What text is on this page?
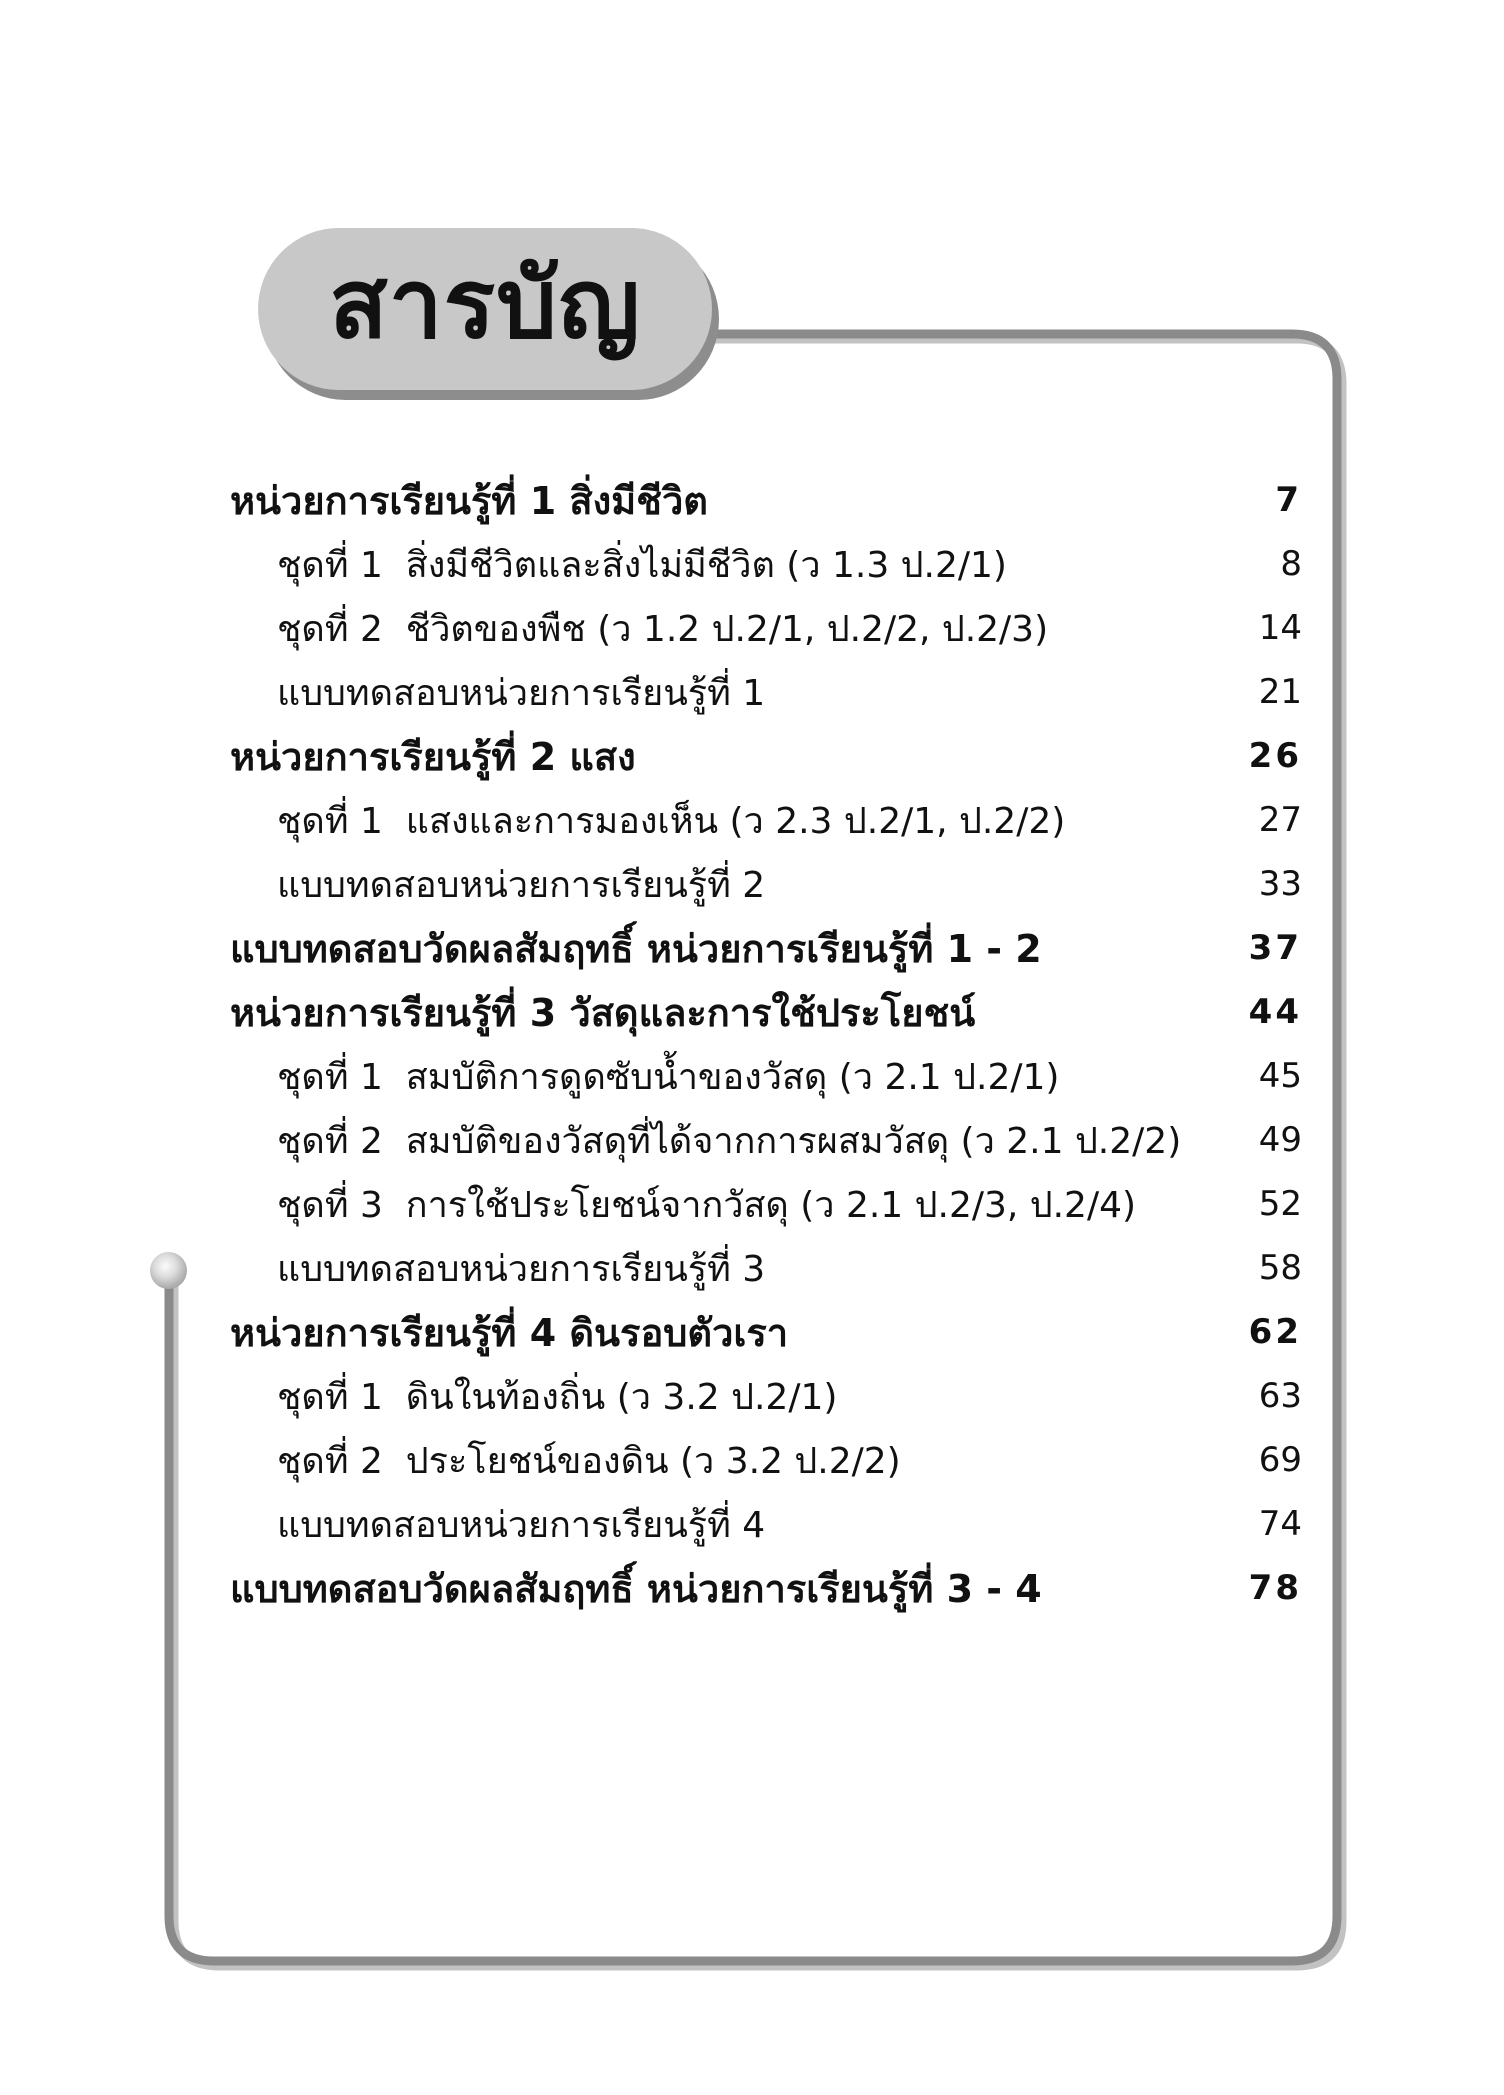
สารบัญ
หน่วยการเรียนรู้ที่ 1 สิ่งมีชีวิต	7
ชุดที่ 1  สิ่งมีชีวิตและสิ่งไม่มีชีวิต (ว 1.3 ป.2/1)	8
ชุดที่ 2  ชีวิตของพืช (ว 1.2 ป.2/1, ป.2/2, ป.2/3)	14
แบบทดสอบหน่วยการเรียนรู้ที่ 1	21
หน่วยการเรียนรู้ที่ 2 แสง	26
ชุดที่ 1  แสงและการมองเห็น (ว 2.3 ป.2/1, ป.2/2)	27
แบบทดสอบหน่วยการเรียนรู้ที่ 2	33
แบบทดสอบวัดผลสัมฤทธิ์ หน่วยการเรียนรู้ที่ 1 - 2	37
หน่วยการเรียนรู้ที่ 3 วัสดุและการใช้ประโยชน์	44
ชุดที่ 1  สมบัติการดูดซับน้ำของวัสดุ (ว 2.1 ป.2/1)	45
ชุดที่ 2  สมบัติของวัสดุที่ได้จากการผสมวัสดุ (ว 2.1 ป.2/2)	49
ชุดที่ 3  การใช้ประโยชน์จากวัสดุ (ว 2.1 ป.2/3, ป.2/4)	52
แบบทดสอบหน่วยการเรียนรู้ที่ 3	58
หน่วยการเรียนรู้ที่ 4 ดินรอบตัวเรา	62
ชุดที่ 1  ดินในท้องถิ่น (ว 3.2 ป.2/1)	63
ชุดที่ 2  ประโยชน์ของดิน (ว 3.2 ป.2/2)	69
แบบทดสอบหน่วยการเรียนรู้ที่ 4	74
แบบทดสอบวัดผลสัมฤทธิ์ หน่วยการเรียนรู้ที่ 3 - 4	78
